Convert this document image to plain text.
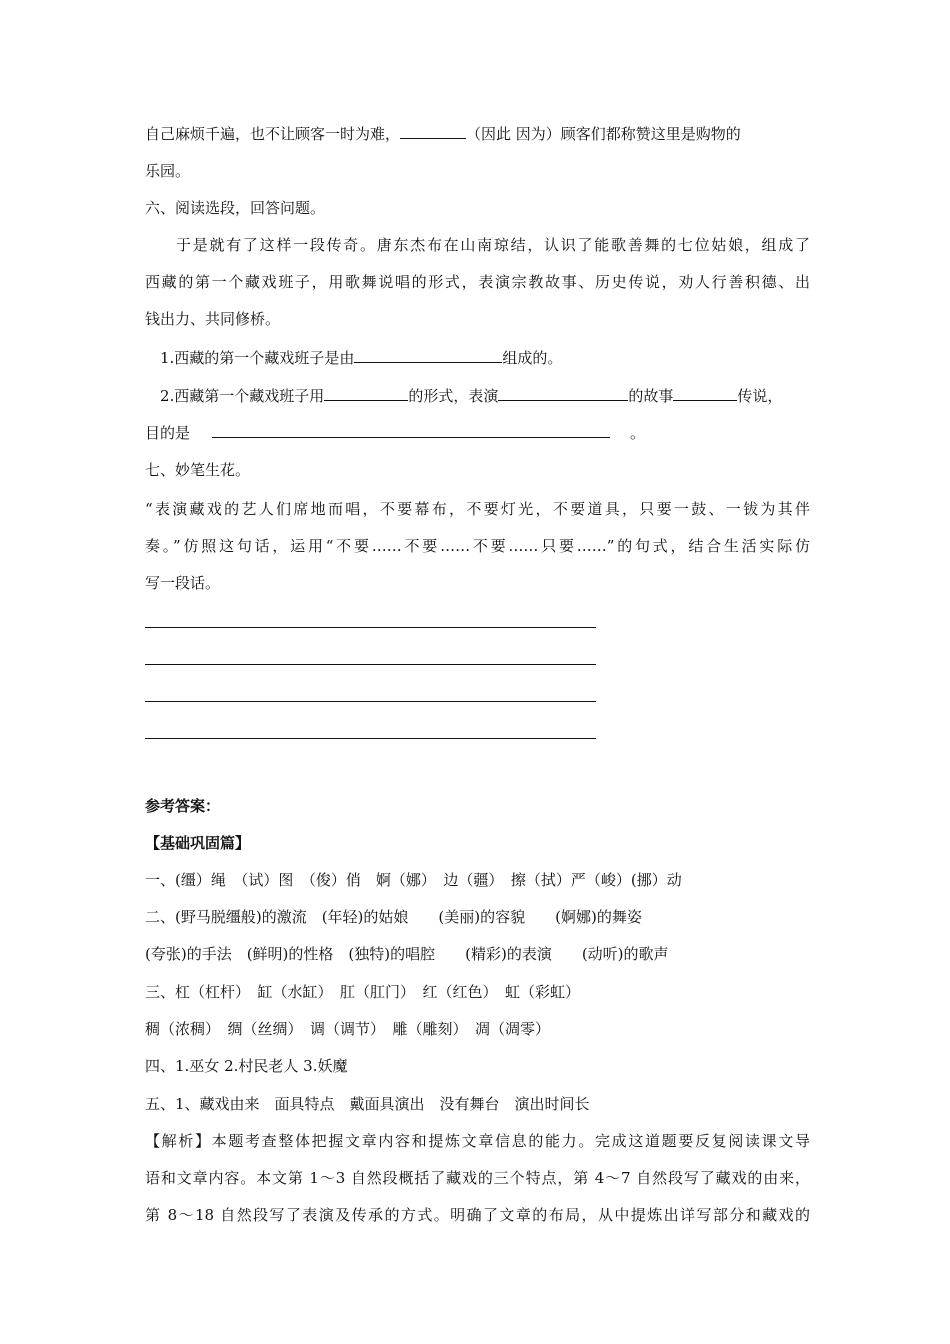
自己麻烦千遍，也不让顾客一时为难，	（因此 因为）顾客们都称赞这里是购物的
乐园。
六、阅读选段，回答问题。
于是就有了这样一段传奇。唐东杰布在山南琼结，认识了能歌善舞的七位姑娘，组成了
西藏的第一个藏戏班子，用歌舞说唱的形式，表演宗教故事、历史传说，劝人行善积德、出
钱出力、共同修桥。
1.西藏的第一个藏戏班子是由	组成的。
2.西藏第一个藏戏班子用	的形式，表演	的故事	传说，
目的是	。
七、妙笔生花。
“表演藏戏的艺人们席地而唱，不要幕布，不要灯光，不要道具，只要一鼓、一钹为其伴
奏。”仿照这句话，运用“不要……不要……不要……只要……”的句式，结合生活实际仿
写一段话。
参考答案：
【基础巩固篇】
一、(缰）绳　（试）图　（俊）俏　婀（娜）　边（疆）　擦（拭）严（峻）(挪）动
二、(野马脱缰般)的激流　(年轻)的姑娘　　(美丽)的容貌　　(婀娜)的舞姿
(夸张)的手法　(鲜明)的性格　(独特)的唱腔　　(精彩)的表演　　(动听)的歌声
三、杠（杠杆）　缸（水缸）　肛（肛门）　红（红色）　虹（彩虹）
稠（浓稠）　绸（丝绸）　调（调节）　雕（雕刻）　凋（凋零）
四、1.巫女 2.村民老人 3.妖魔
五、1、藏戏由来　面具特点　戴面具演出　没有舞台　演出时间长
【解析】本题考查整体把握文章内容和提炼文章信息的能力。完成这道题要反复阅读课文导
语和文章内容。本文第 1～3 自然段概括了藏戏的三个特点，第 4～7 自然段写了藏戏的由来，
第 8～18 自然段写了表演及传承的方式。明确了文章的布局，从中提炼出详写部分和藏戏的
